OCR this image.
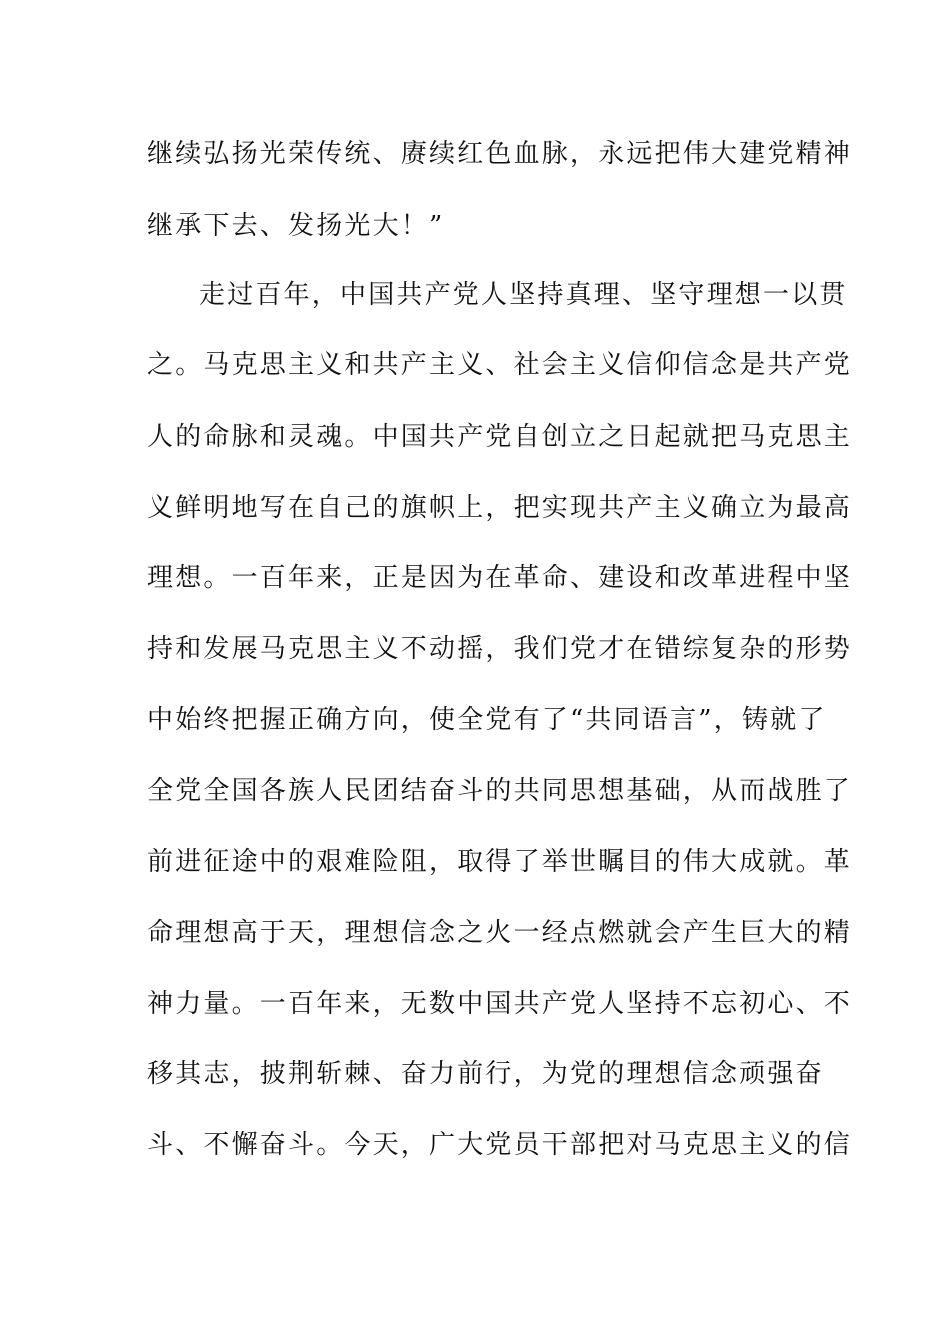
继续弘扬光荣传统、赓续红色血脉，永远把伟大建党精神
继承下去、发扬光大！”
走过百年，中国共产党人坚持真理、坚守理想一以贯
之。马克思主义和共产主义、社会主义信仰信念是共产党
人的命脉和灵魂。中国共产党自创立之日起就把马克思主
义鲜明地写在自己的旗帜上，把实现共产主义确立为最高
理想。一百年来，正是因为在革命、建设和改革进程中坚
持和发展马克思主义不动摇，我们党才在错综复杂的形势
中始终把握正确方向，使全党有了“共同语言”，铸就了
全党全国各族人民团结奋斗的共同思想基础，从而战胜了
前进征途中的艰难险阻，取得了举世瞩目的伟大成就。革
命理想高于天，理想信念之火一经点燃就会产生巨大的精
神力量。一百年来，无数中国共产党人坚持不忘初心、不
移其志，披荆斩棘、奋力前行，为党的理想信念顽强奋
斗、不懈奋斗。今天，广大党员干部把对马克思主义的信
